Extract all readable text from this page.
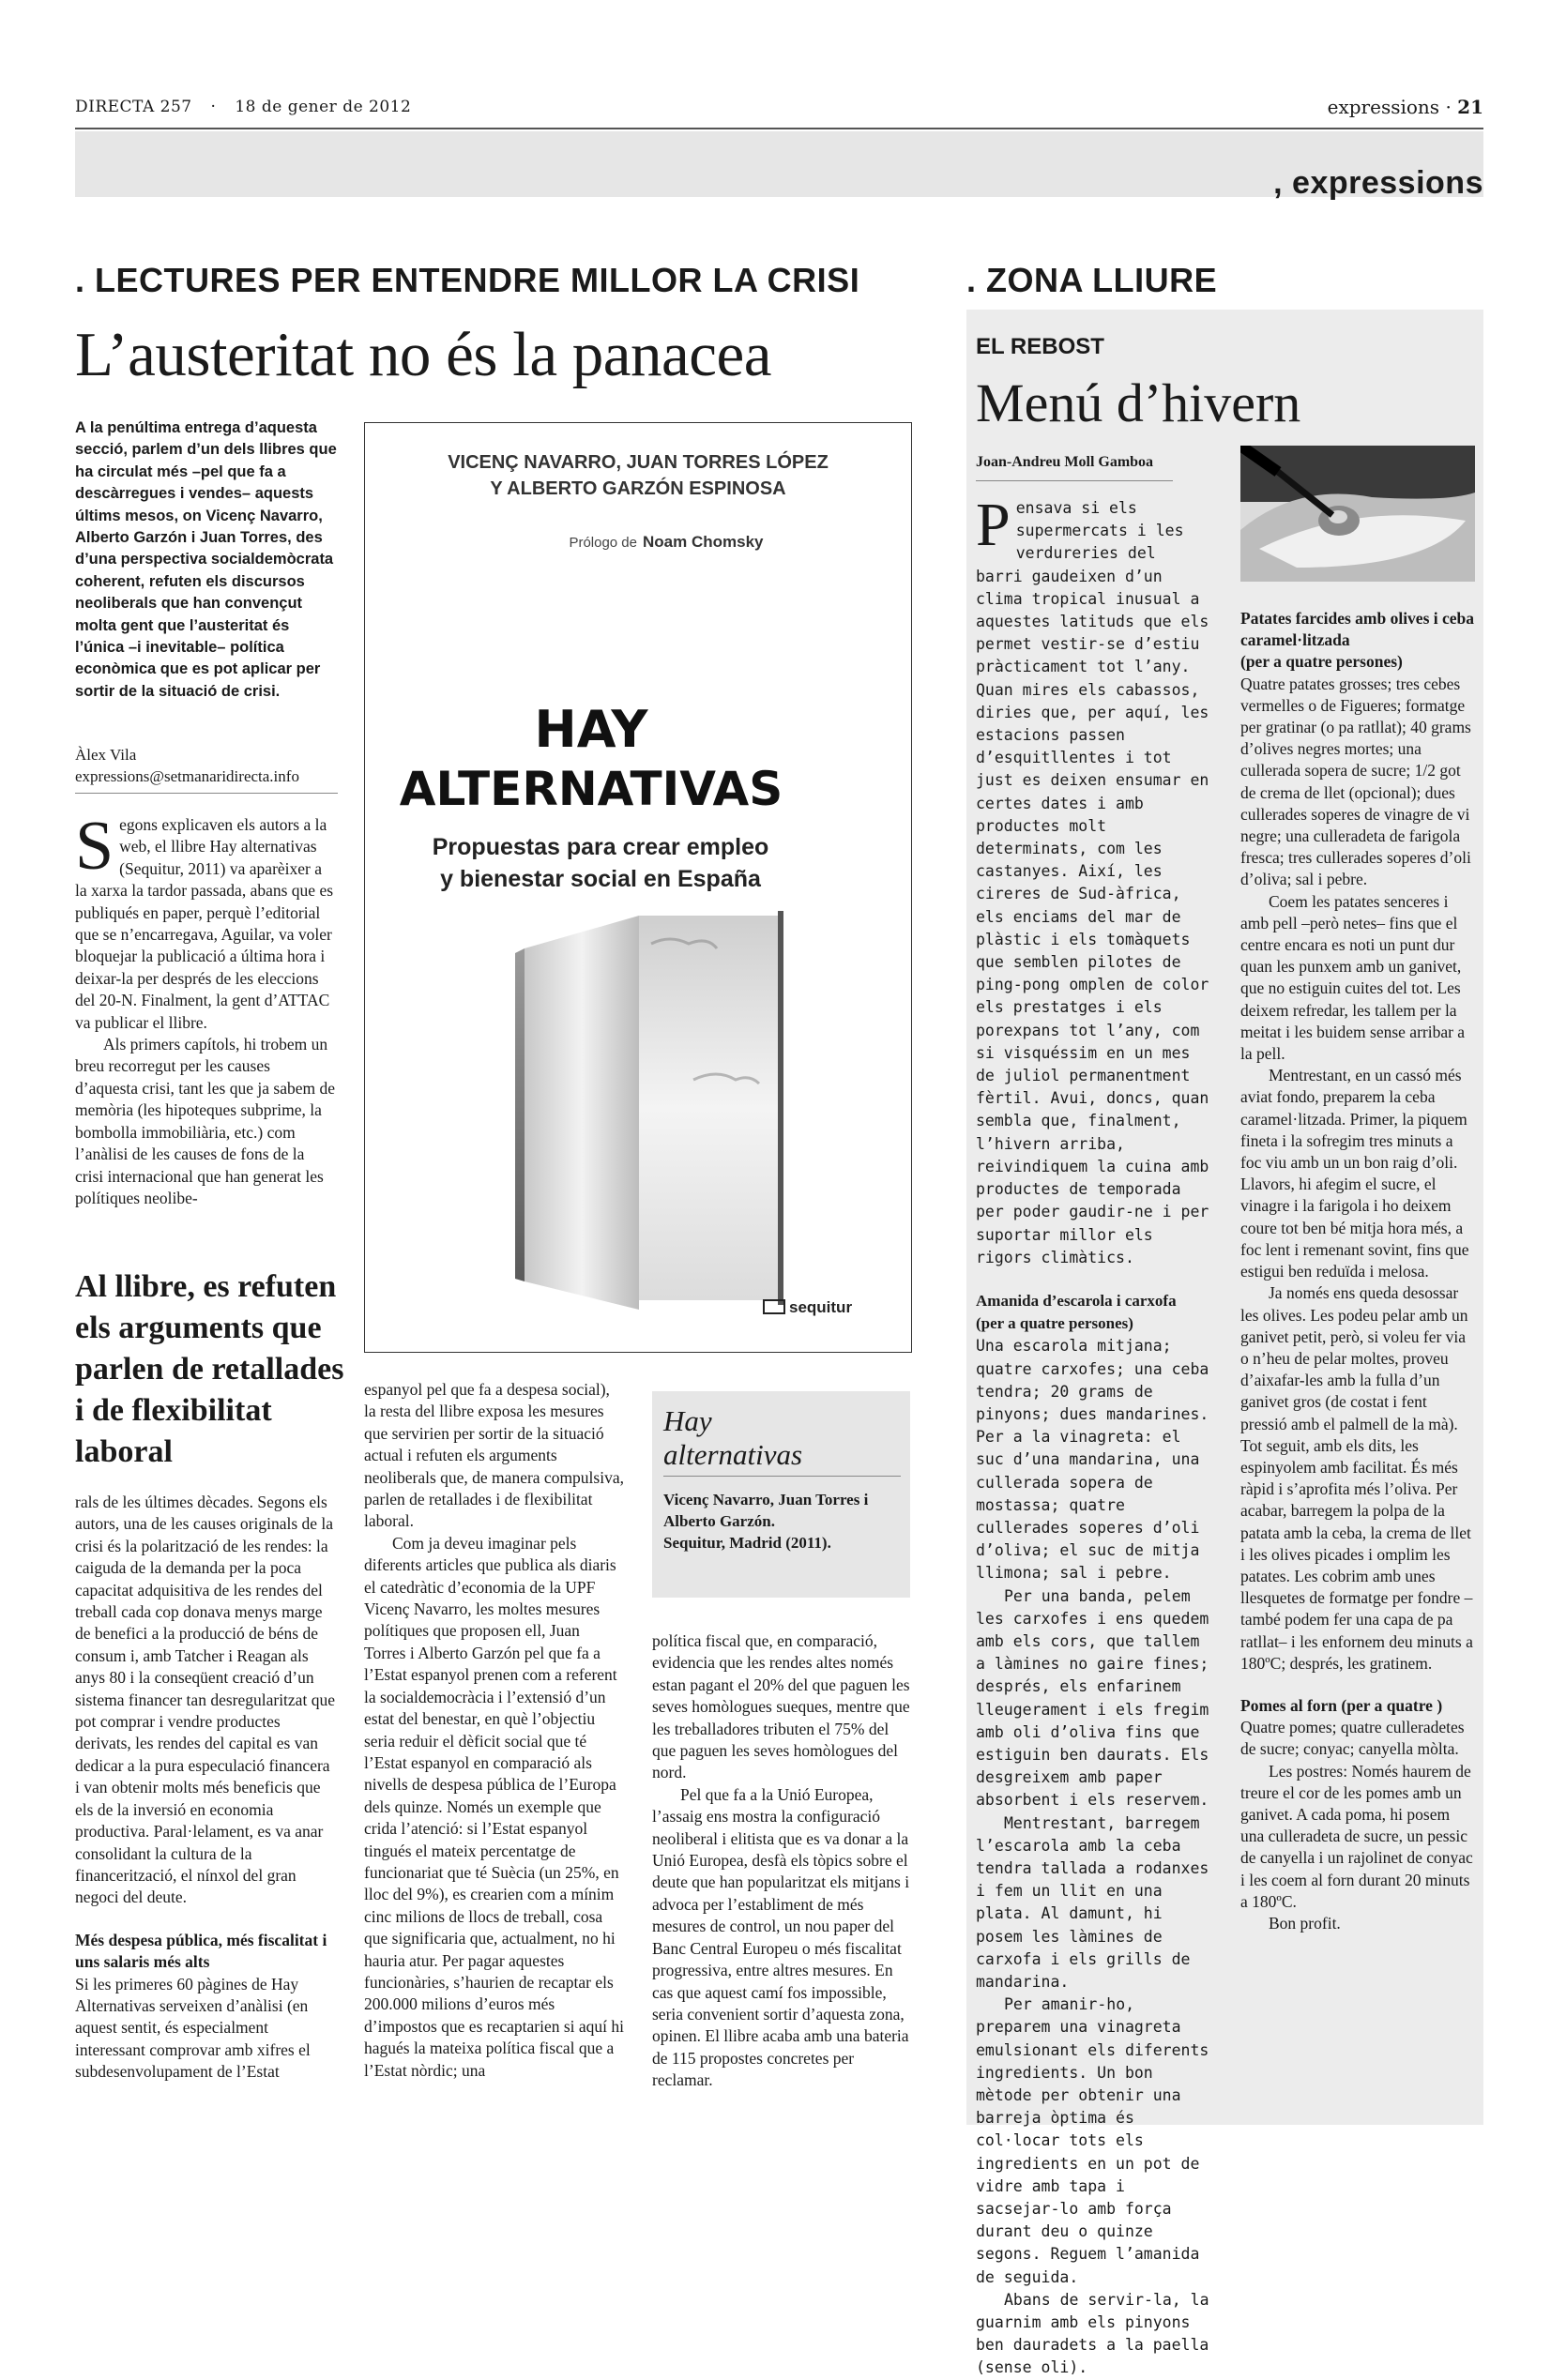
DIRECTA 257 · 18 de gener de 2012	expressions · 21
, expressions
. LECTURES PER ENTENDRE MILLOR LA CRISI
L’austeritat no és la panacea
A la penúltima entrega d’aquesta secció, parlem d’un dels llibres que ha circulat més –pel que fa a descàrregues i vendes– aquests últims mesos, on Vicenç Navarro, Alberto Garzón i Juan Torres, des d’una perspectiva socialdemòcrata coherent, refuten els discursos neoliberals que han convençut molta gent que l’austeritat és l’única –i inevitable– política econòmica que es pot aplicar per sortir de la situació de crisi.
Àlex Vila
expressions@setmanaridirecta.info

Segons explicaven els autors a la web, el llibre Hay alternativas (Sequitur, 2011) va aparèixer a la xarxa la tardor passada, abans que es publiqués en paper, perquè l’editorial que se n’encarregava, Aguilar, va voler bloquejar la publicació a última hora i deixar-la per després de les eleccions del 20-N. Finalment, la gent d’ATTAC va publicar el llibre.

Als primers capítols, hi trobem un breu recorregut per les causes d’aquesta crisi, tant les que ja sabem de memòria (les hipoteques subprime, la bombolla immobiliària, etc.) com l’anàlisi de les causes de fons de la crisi internacional que han generat les polítiques neolibe-

Al llibre, es refuten els arguments que parlen de retallades i de flexibilitat laboral

rals de les últimes dècades. Segons els autors, una de les causes originals de la crisi és la polarització de les rendes: la caiguda de la demanda per la poca capacitat adquisitiva de les rendes del treball cada cop donava menys marge de benefici a la producció de béns de consum i, amb Tatcher i Reagan als anys 80 i la conseqüent creació d’un sistema financer tan desregularitzat que pot comprar i vendre productes derivats, les rendes del capital es van dedicar a la pura especulació financera i van obtenir molts més beneficis que els de la inversió en economia productiva. Paral·lelament, es va anar consolidant la cultura de la financerització, el nínxol del gran negoci del deute.

Més despesa pública, més fiscalitat i uns salaris més alts

Si les primeres 60 pàgines de Hay Alternativas serveixen d’anàlisi (en aquest sentit, és especialment interessant comprovar amb xifres el subdesenvolupament de l’Estat

VICENÇ NAVARRO, JUAN TORRES LÓPEZ
Y ALBERTO GARZÓN ESPINOSA
Prólogo de Noam Chomsky
HAY
ALTERNATIVAS
Propuestas para crear empleo
y bienestar social en España
sequitur

espanyol pel que fa a despesa social), la resta del llibre exposa les mesures que servirien per sortir de la situació actual i refuten els arguments neoliberals que, de manera compulsiva, parlen de retallades i de flexibilitat laboral.

Com ja deveu imaginar pels diferents articles que publica als diaris el catedràtic d’economia de la UPF Vicenç Navarro, les moltes mesures polítiques que proposen ell, Juan Torres i Alberto Garzón pel que fa a l’Estat espanyol prenen com a referent la socialdemocràcia i l’extensió d’un estat del benestar, en què l’objectiu seria reduir el dèficit social que té l’Estat espanyol en comparació als nivells de despesa pública de l’Europa dels quinze. Només un exemple que crida l’atenció: si l’Estat espanyol tingués el mateix percentatge de funcionariat que té Suècia (un 25%, en lloc del 9%), es crearien com a mínim cinc milions de llocs de treball, cosa que significaria que, actualment, no hi hauria atur. Per pagar aquestes funcionàries, s’haurien de recaptar els 200.000 milions d’euros més d’impostos que es recaptarien si aquí hi hagués la mateixa política fiscal que a l’Estat nòrdic; una

Hay
alternativas
Vicenç Navarro, Juan Torres i
Alberto Garzón.
Sequitur, Madrid (2011).

política fiscal que, en comparació, evidencia que les rendes altes només estan pagant el 20% del que paguen les seves homòlogues sueques, mentre que les treballadores tributen el 75% del que paguen les seves homòlogues del nord.

Pel que fa a la Unió Europea, l’assaig ens mostra la configuració neoliberal i elitista que es va donar a la Unió Europea, desfà els tòpics sobre el deute que han popularitzat els mitjans i advoca per l’establiment de més mesures de control, un nou paper del Banc Central Europeu o més fiscalitat progressiva, entre altres mesures. En cas que aquest camí fos impossible, seria convenient sortir d’aquesta zona, opinen. El llibre acaba amb una bateria de 115 propostes concretes per reclamar.

. ZONA LLIURE
EL REBOST
Menú d’hivern
Joan-Andreu Moll Gamboa

Pensava si els supermercats i les verdureries del barri gaudeixen d’un clima tropical inusual a aquestes latituds que els permet vestir-se d’estiu pràcticament tot l’any. Quan mires els cabassos, diries que, per aquí, les estacions passen d’esquitllentes i tot just es deixen ensumar en certes dates i amb productes molt determinats, com les castanyes. Així, les cireres de Sud-àfrica, els enciams del mar de plàstic i els tomàquets que semblen pilotes de ping-pong omplen de color els prestatges i els porexpans tot l’any, com si visquéssim en un mes de juliol permanentment fèrtil. Avui, doncs, quan sembla que, finalment, l’hivern arriba, reivindiquem la cuina amb productes de temporada per poder gaudir-ne i per suportar millor els rigors climàtics.

Amanida d’escarola i carxofa

(per a quatre persones)

Una escarola mitjana; quatre carxofes; una ceba tendra; 20 grams de pinyons; dues mandarines. Per a la vinagreta: el suc d’una mandarina, una cullerada sopera de mostassa; quatre cullerades soperes d’oli d’oliva; el suc de mitja llimona; sal i pebre.

Per una banda, pelem les carxofes i ens quedem amb els cors, que tallem a làmines no gaire fines; després, els enfarinem lleugerament i els fregim amb oli d’oliva fins que estiguin ben daurats. Els desgreixem amb paper absorbent i els reservem.

Mentrestant, barregem l’escarola amb la ceba tendra tallada a rodanxes i fem un llit en una plata. Al damunt, hi posem les làmines de carxofa i els grills de mandarina.

Per amanir-ho, preparem una vinagreta emulsionant els diferents ingredients. Un bon mètode per obtenir una barreja òptima és col·locar tots els ingredients en un pot de vidre amb tapa i sacsejar-lo amb força durant deu o quinze segons. Reguem l’amanida de seguida.

Abans de servir-la, la guarnim amb els pinyons ben dauradets a la paella (sense oli).

Patates farcides amb olives i ceba caramel·litzada

(per a quatre persones)

Quatre patates grosses; tres cebes vermelles o de Figueres; formatge per gratinar (o pa ratllat); 40 grams d’olives negres mortes; una cullerada sopera de sucre; 1/2 got de crema de llet (opcional); dues cullerades soperes de vinagre de vi negre; una culleradeta de farigola fresca; tres cullerades soperes d’oli d’oliva; sal i pebre.

Coem les patates senceres i amb pell –però netes– fins que el centre encara es noti un punt dur quan les punxem amb un ganivet, que no estiguin cuites del tot. Les deixem refredar, les tallem per la meitat i les buidem sense arribar a la pell.

Mentrestant, en un cassó més aviat fondo, preparem la ceba caramel·litzada. Primer, la piquem fineta i la sofregim tres minuts a foc viu amb un un bon raig d’oli. Llavors, hi afegim el sucre, el vinagre i la farigola i ho deixem coure tot ben bé mitja hora més, a foc lent i remenant sovint, fins que estigui ben reduïda i melosa.

Ja només ens queda desossar les olives. Les podeu pelar amb un ganivet petit, però, si voleu fer via o n’heu de pelar moltes, proveu d’aixafar-les amb la fulla d’un ganivet gros (de costat i fent pressió amb el palmell de la mà). Tot seguit, amb els dits, les espinyolem amb facilitat. És més ràpid i s’aprofita més l’oliva. Per acabar, barregem la polpa de la patata amb la ceba, la crema de llet i les olives picades i omplim les patates. Les cobrim amb unes llesquetes de formatge per fondre –també podem fer una capa de pa ratllat– i les enfornem deu minuts a 180ºC; després, les gratinem.

Pomes al forn (per a quatre )

Quatre pomes; quatre culleradetes de sucre; conyac; canyella mòlta.

Les postres: Només haurem de treure el cor de les pomes amb un ganivet. A cada poma, hi posem una culleradeta de sucre, un pessic de canyella i un rajolinet de conyac i les coem al forn durant 20 minuts a 180ºC.

Bon profit.
